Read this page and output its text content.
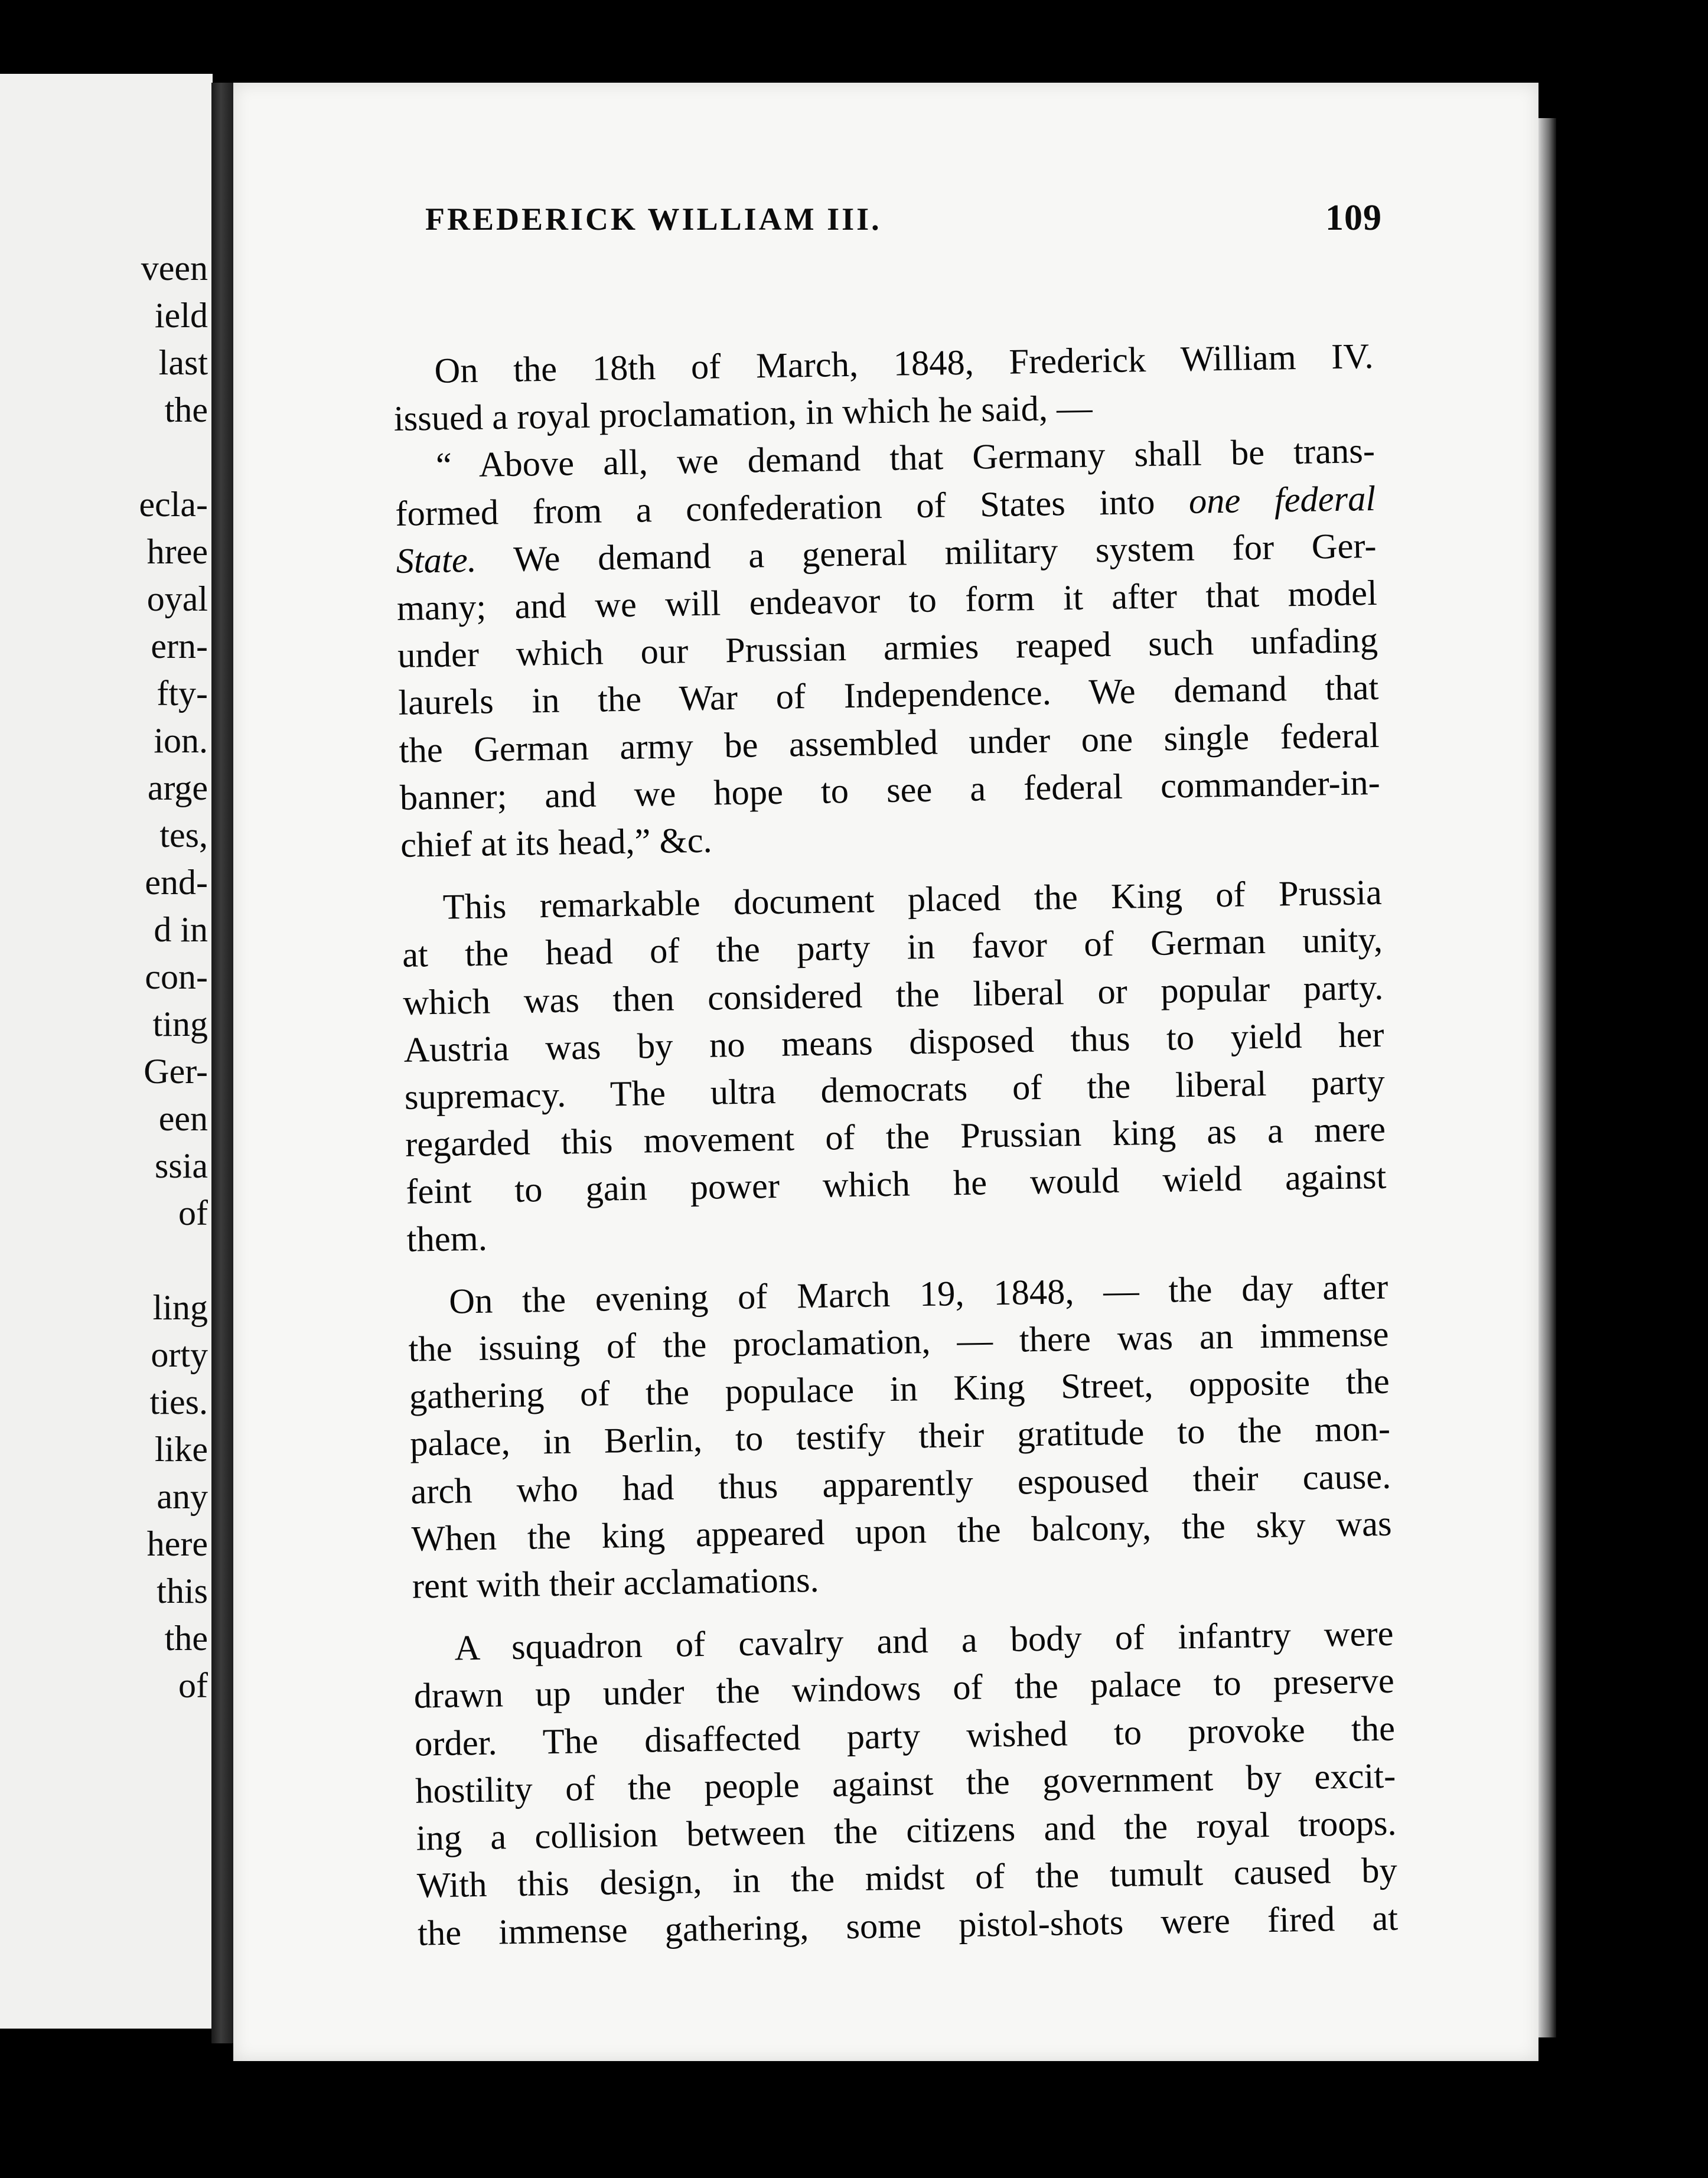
veen
ield
last
the
ecla-
hree
oyal
ern-
fty-
ion.
arge
tes,
end-
d in
con-
ting
Ger-
een
ssia
of
ling
orty
ties.
like
any
here
this
the
of
FREDERICK WILLIAM III.	109

On the 18th of March, 1848, Frederick William IV.
issued a royal proclamation, in which he said, —

“ Above all, we demand that Germany shall be trans-
formed from a confederation of States into one federal
State. We demand a general military system for Ger-
many; and we will endeavor to form it after that model
under which our Prussian armies reaped such unfading
laurels in the War of Independence. We demand that
the German army be assembled under one single federal
banner; and we hope to see a federal commander-in-
chief at its head,” &c.

This remarkable document placed the King of Prussia
at the head of the party in favor of German unity,
which was then considered the liberal or popular party.
Austria was by no means disposed thus to yield her
supremacy. The ultra democrats of the liberal party
regarded this movement of the Prussian king as a mere
feint to gain power which he would wield against
them.

On the evening of March 19, 1848, — the day after
the issuing of the proclamation, — there was an immense
gathering of the populace in King Street, opposite the
palace, in Berlin, to testify their gratitude to the mon-
arch who had thus apparently espoused their cause.
When the king appeared upon the balcony, the sky was
rent with their acclamations.

A squadron of cavalry and a body of infantry were
drawn up under the windows of the palace to preserve
order. The disaffected party wished to provoke the
hostility of the people against the government by excit-
ing a collision between the citizens and the royal troops.
With this design, in the midst of the tumult caused by
the immense gathering, some pistol-shots were fired at
